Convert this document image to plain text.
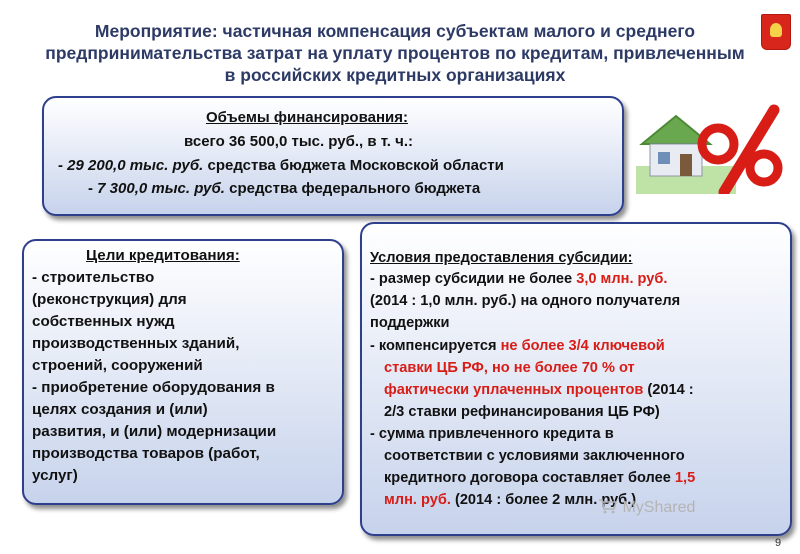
Мероприятие: частичная компенсация субъектам малого и среднего
предпринимательства затрат на уплату процентов по кредитам, привлеченным
в российских кредитных организациях
Объемы финансирования:
всего 36 500,0 тыс. руб., в т. ч.:
- 29 200,0 тыс. руб. средства бюджета Московской области
- 7 300,0 тыс. руб. средства федерального бюджета
Цели кредитования:
- строительство
(реконструкция) для
собственных нужд
производственных зданий,
строений, сооружений
- приобретение оборудования в
целях создания и (или)
развития, и (или) модернизации
производства товаров (работ,
услуг)
Условия предоставления субсидии:
- размер субсидии не более 3,0 млн. руб.
(2014 : 1,0 млн. руб.) на одного получателя
поддержки
- компенсируется не более 3/4 ключевой
ставки ЦБ РФ, но не более 70 % от
фактически уплаченных процентов (2014 :
2/3 ставки рефинансирования ЦБ РФ)
- сумма привлеченного кредита в
соответствии с условиями заключенного
кредитного договора составляет более 1,5
млн. руб. (2014 : более 2 млн. руб.)
MyShared
9
